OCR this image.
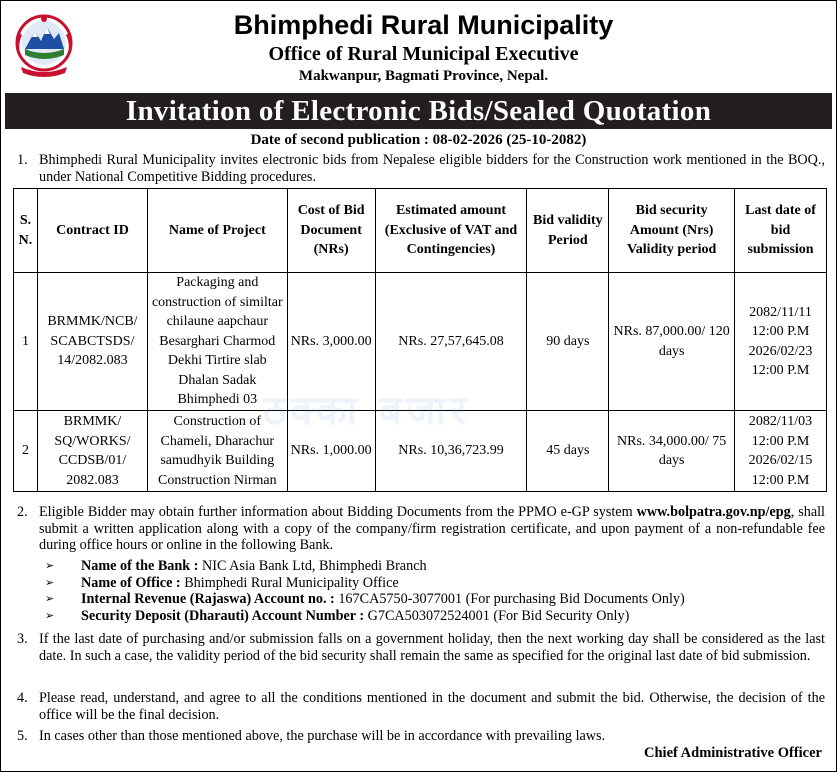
Bhimphedi Rural Municipality
Office of Rural Municipal Executive
Makwanpur, Bagmati Province, Nepal.
Invitation of Electronic Bids/Sealed Quotation
Date of second publication : 08-02-2026 (25-10-2082)
1. Bhimphedi Rural Municipality invites electronic bids from Nepalese eligible bidders for the Construction work mentioned in the BOQ., under National Competitive Bidding procedures.
S. N.	Contract ID	Name of Project	Cost of Bid Document (NRs)	Estimated amount (Exclusive of VAT and Contingencies)	Bid validity Period	Bid security Amount (Nrs) Validity period	Last date of bid submission
1	BRMMK/NCB/ SCABCTSDS/ 14/2082.083	Packaging and construction of similtar chilaune aapchaur Besarghari Charmod Dekhi Tirtire slab Dhalan Sadak Bhimphedi 03	NRs. 3,000.00	NRs. 27,57,645.08	90 days	NRs. 87,000.00/ 120 days	2082/11/11
12:00 P.M
2026/02/23
12:00 P.M

2	BRMMK/ SQ/WORKS/ CCDSB/01/ 2082.083	Construction of Chameli, Dharachur samudhyik Building Construction Nirman	NRs. 1,000.00	NRs. 10,36,723.99	45 days	NRs. 34,000.00/ 75 days	2082/11/03
12:00 P.M
2026/02/15
12:00 P.M
ठक्का बजार
2. Eligible Bidder may obtain further information about Bidding Documents from the PPMO e-GP system www.bolpatra.gov.np/epg, shall submit a written application along with a copy of the company/firm registration certificate, and upon payment of a non-refundable fee during office hours or online in the following Bank.
➢ Name of the Bank : NIC Asia Bank Ltd, Bhimphedi Branch
➢ Name of Office : Bhimphedi Rural Municipality Office
➢ Internal Revenue (Rajaswa) Account no. : 167CA5750-3077001 (For purchasing Bid Documents Only)
➢ Security Deposit (Dharauti) Account Number : G7CA503072524001 (For Bid Security Only)
3. If the last date of purchasing and/or submission falls on a government holiday, then the next working day shall be considered as the last date. In such a case, the validity period of the bid security shall remain the same as specified for the original last date of bid submission.
4. Please read, understand, and agree to all the conditions mentioned in the document and submit the bid. Otherwise, the decision of the office will be the final decision.
5. In cases other than those mentioned above, the purchase will be in accordance with prevailing laws.
Chief Administrative Officer
